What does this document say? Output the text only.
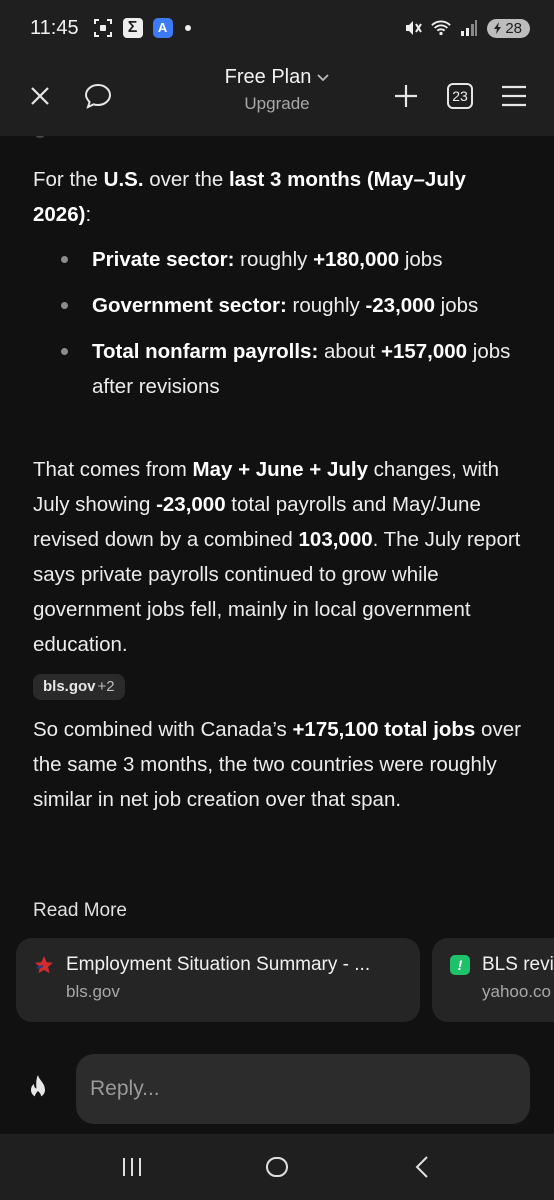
11:45	Σ	A	28
Free Plan
Upgrade	23
For the U.S. over the last 3 months (May–July 2026):
Private sector: roughly +180,000 jobs
Government sector: roughly -23,000 jobs
Total nonfarm payrolls: about +157,000 jobs after revisions
That comes from May + June + July changes, with July showing -23,000 total payrolls and May/June revised down by a combined 103,000. The July report says private payrolls continued to grow while government jobs fell, mainly in local government education.
bls.gov +2
So combined with Canada’s +175,100 total jobs over the same 3 months, the two countries were roughly similar in net job creation over that span.
Read More
Employment Situation Summary - ...
bls.gov
!	BLS revi
yahoo.co
Reply...
